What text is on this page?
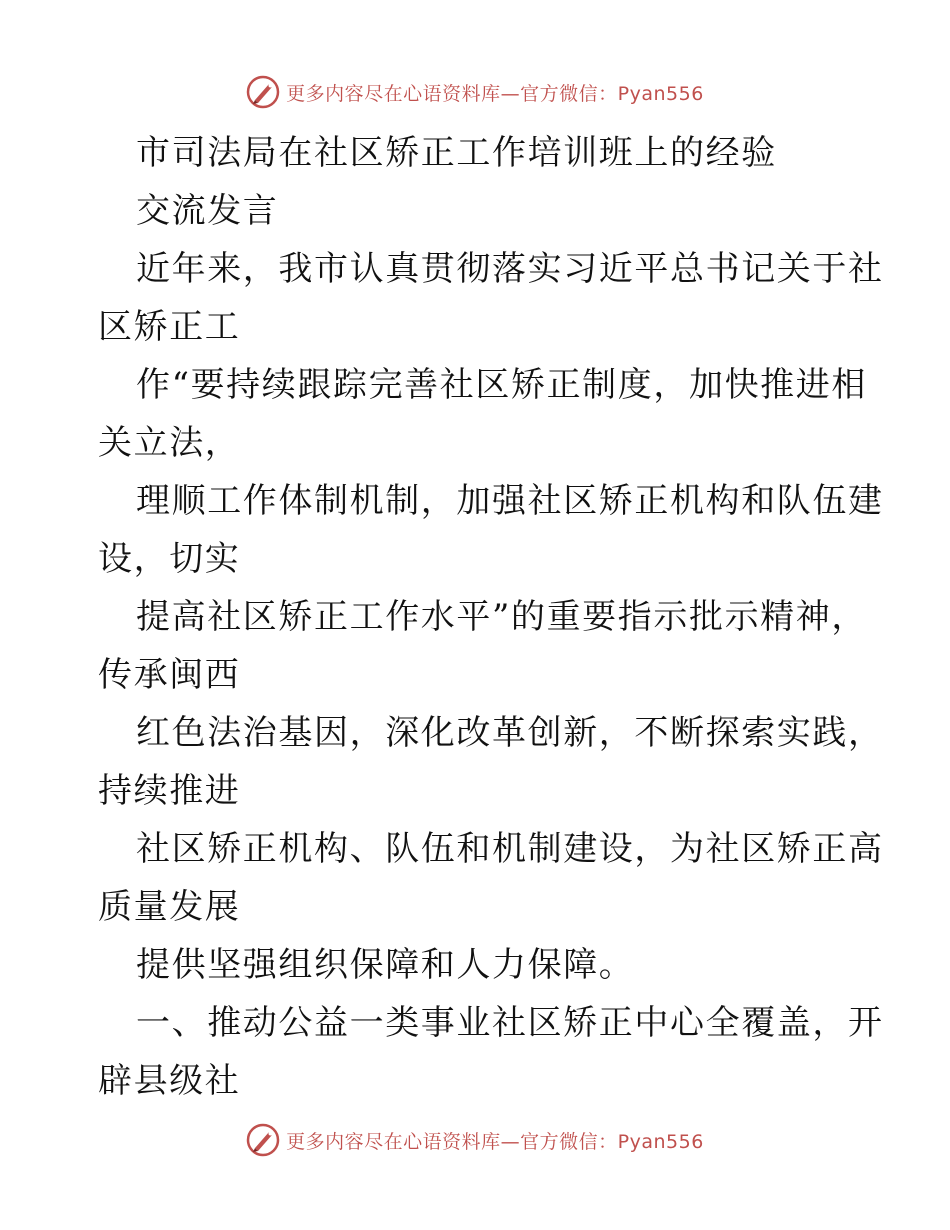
更多内容尽在心语资料库—官方微信：Pyan556
市司法局在社区矫正工作培训班上的经验
交流发言
近年来，我市认真贯彻落实习近平总书记关于社
区矫正工
作“要持续跟踪完善社区矫正制度，加快推进相
关立法，
理顺工作体制机制，加强社区矫正机构和队伍建
设，切实
提高社区矫正工作水平”的重要指示批示精神，
传承闽西
红色法治基因，深化改革创新，不断探索实践，
持续推进
社区矫正机构、队伍和机制建设，为社区矫正高
质量发展
提供坚强组织保障和人力保障。
一、推动公益一类事业社区矫正中心全覆盖，开
辟县级社
更多内容尽在心语资料库—官方微信：Pyan556
